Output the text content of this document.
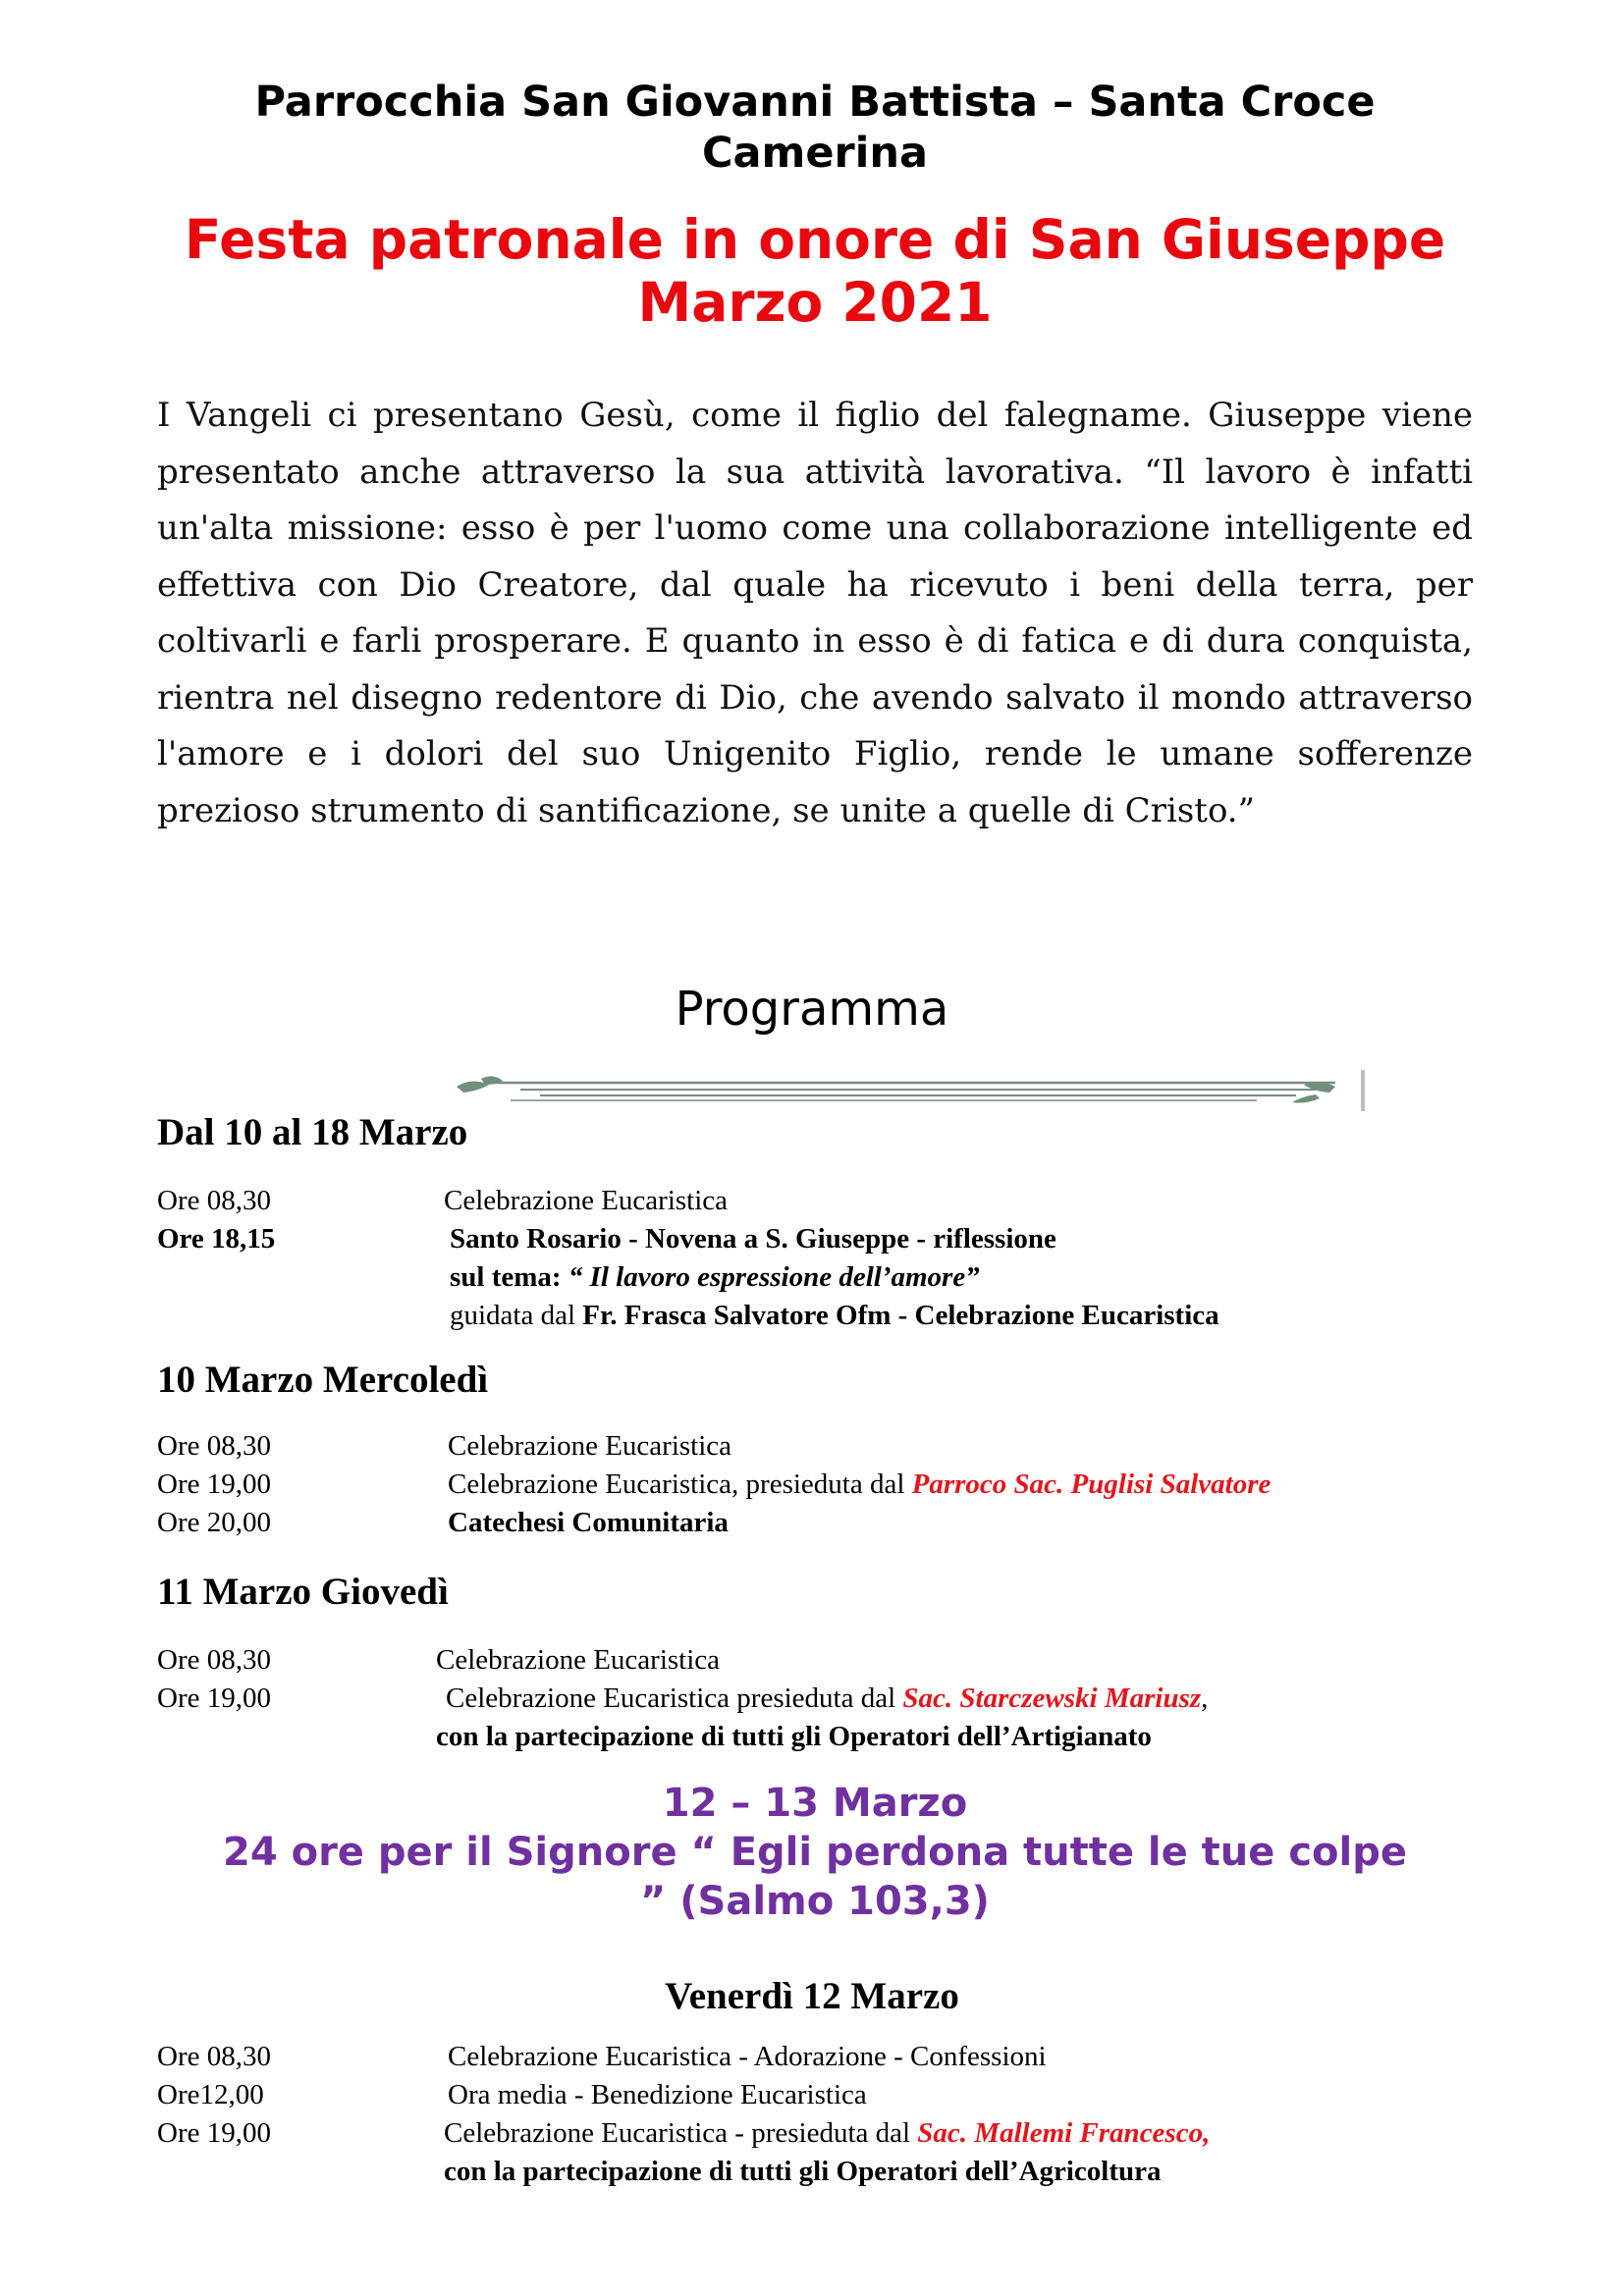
Parrocchia San Giovanni Battista – Santa Croce Camerina
Festa patronale in onore di San Giuseppe
Marzo 2021
I Vangeli ci presentano Gesù, come il figlio del falegname. Giuseppe viene presentato anche attraverso la sua attività lavorativa. “Il lavoro è infatti un'alta missione: esso è per l'uomo come una collaborazione intelligente ed effettiva con Dio Creatore, dal quale ha ricevuto i beni della terra, per coltivarli e farli prosperare. E quanto in esso è di fatica e di dura conquista, rientra nel disegno redentore di Dio, che avendo salvato il mondo attraverso l'amore e i dolori del suo Unigenito Figlio, rende le umane sofferenze prezioso strumento di santificazione, se unite a quelle di Cristo.”
Programma
Dal 10 al 18 Marzo
Ore 08,30	Celebrazione Eucaristica
Ore 18,15	Santo Rosario - Novena a S. Giuseppe - riflessione
sul tema: “ Il lavoro espressione dell’amore”
guidata dal Fr. Frasca Salvatore Ofm - Celebrazione Eucaristica
10 Marzo Mercoledì
Ore 08,30	Celebrazione Eucaristica
Ore 19,00	Celebrazione Eucaristica, presieduta dal Parroco Sac. Puglisi Salvatore
Ore 20,00	Catechesi Comunitaria
11 Marzo Giovedì
Ore 08,30	Celebrazione Eucaristica
Ore 19,00	Celebrazione Eucaristica presieduta dal Sac. Starczewski Mariusz,
con la partecipazione di tutti gli Operatori dell’Artigianato
12 – 13 Marzo
24 ore per il Signore “ Egli perdona tutte le tue colpe
” (Salmo 103,3)
Venerdì 12 Marzo
Ore 08,30	Celebrazione Eucaristica - Adorazione - Confessioni
Ore12,00	Ora media - Benedizione Eucaristica
Ore 19,00	Celebrazione Eucaristica - presieduta dal Sac. Mallemi Francesco,
con la partecipazione di tutti gli Operatori dell’Agricoltura
